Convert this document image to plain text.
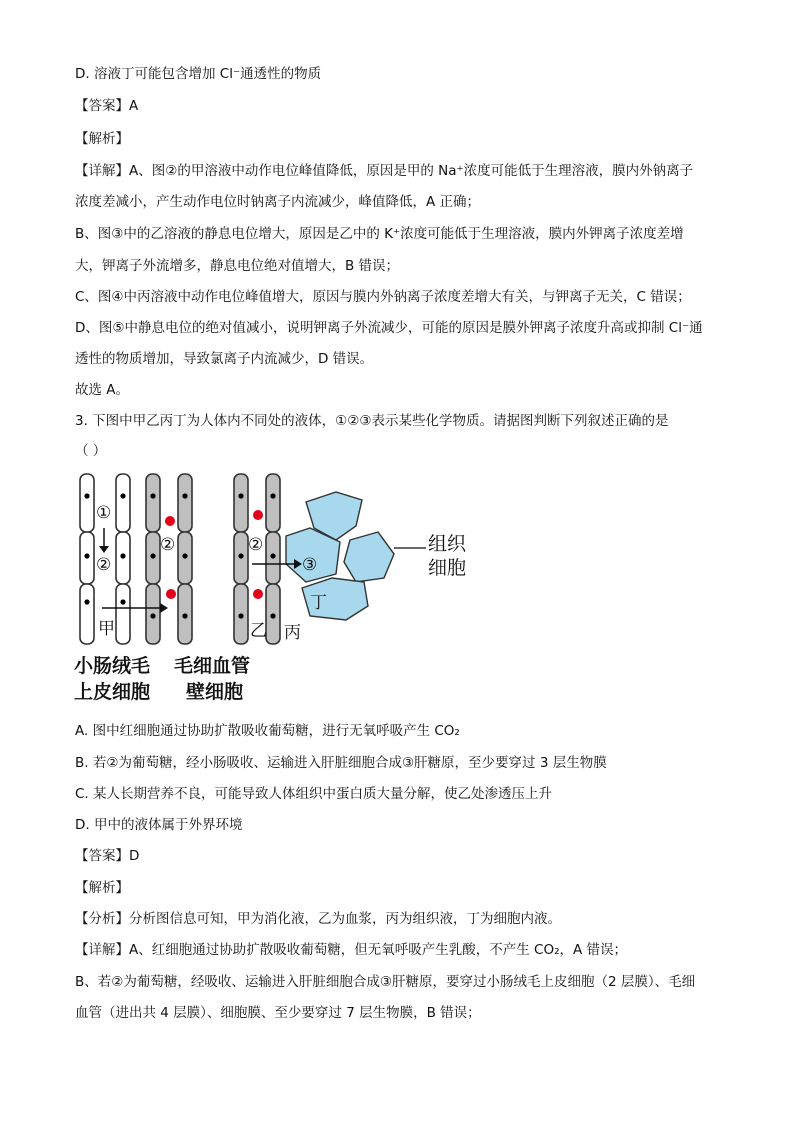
D. 溶液丁可能包含增加 Cl⁻通透性的物质
【答案】A
【解析】
【详解】A、图②的甲溶液中动作电位峰值降低，原因是甲的 Na⁺浓度可能低于生理溶液，膜内外钠离子
浓度差减小，产生动作电位时钠离子内流减少，峰值降低，A 正确；
B、图③中的乙溶液的静息电位增大，原因是乙中的 K⁺浓度可能低于生理溶液，膜内外钾离子浓度差增
大，钾离子外流增多，静息电位绝对值增大，B 错误；
C、图④中丙溶液中动作电位峰值增大，原因与膜内外钠离子浓度差增大有关，与钾离子无关，C 错误；
D、图⑤中静息电位的绝对值减小，说明钾离子外流减少，可能的原因是膜外钾离子浓度升高或抑制 Cl⁻通
透性的物质增加，导致氯离子内流减少，D 错误。
故选 A。
3. 下图中甲乙丙丁为人体内不同处的液体，①②③表示某些化学物质。请据图判断下列叙述正确的是
（ ）
①
②
②	②
③
甲	乙 丙
丁
组织
细胞
小肠绒毛
上皮细胞
毛细血管
壁细胞
A. 图中红细胞通过协助扩散吸收葡萄糖，进行无氧呼吸产生 CO₂
B. 若②为葡萄糖，经小肠吸收、运输进入肝脏细胞合成③肝糖原，至少要穿过 3 层生物膜
C. 某人长期营养不良，可能导致人体组织中蛋白质大量分解，使乙处渗透压上升
D. 甲中的液体属于外界环境
【答案】D
【解析】
【分析】分析图信息可知，甲为消化液，乙为血浆，丙为组织液，丁为细胞内液。
【详解】A、红细胞通过协助扩散吸收葡萄糖，但无氧呼吸产生乳酸，不产生 CO₂，A 错误；
B、若②为葡萄糖，经吸收、运输进入肝脏细胞合成③肝糖原，要穿过小肠绒毛上皮细胞（2 层膜）、毛细
血管（进出共 4 层膜）、细胞膜、至少要穿过 7 层生物膜，B 错误；
